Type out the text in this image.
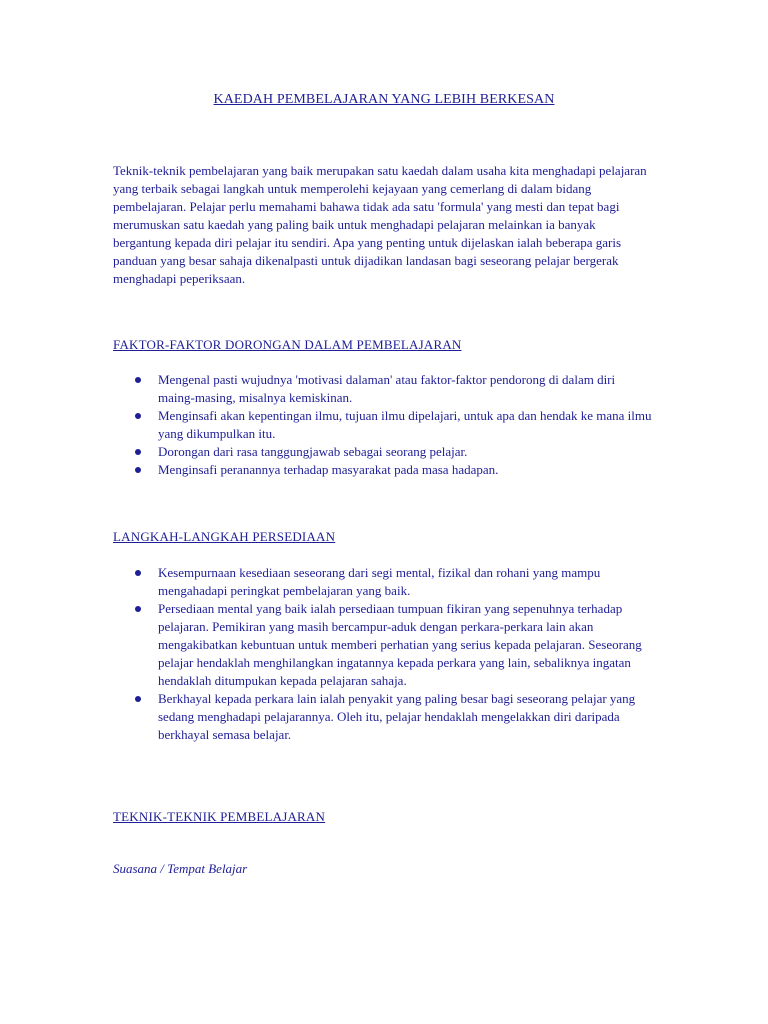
KAEDAH PEMBELAJARAN YANG LEBIH BERKESAN

Teknik-teknik pembelajaran yang baik merupakan satu kaedah dalam usaha kita menghadapi pelajaran yang terbaik sebagai langkah untuk memperolehi kejayaan yang cemerlang di dalam bidang pembelajaran. Pelajar perlu memahami bahawa tidak ada satu 'formula' yang mesti dan tepat bagi merumuskan satu kaedah yang paling baik untuk menghadapi pelajaran melainkan ia banyak bergantung kepada diri pelajar itu sendiri. Apa yang penting untuk dijelaskan ialah beberapa garis panduan yang besar sahaja dikenalpasti untuk dijadikan landasan bagi seseorang pelajar bergerak menghadapi peperiksaan.

FAKTOR-FAKTOR DORONGAN DALAM PEMBELAJARAN
Mengenal pasti wujudnya 'motivasi dalaman' atau faktor-faktor pendorong di dalam diri maing-masing, misalnya kemiskinan.
Menginsafi akan kepentingan ilmu, tujuan ilmu dipelajari, untuk apa dan hendak ke mana ilmu yang dikumpulkan itu.
Dorongan dari rasa tanggungjawab sebagai seorang pelajar.
Menginsafi peranannya terhadap masyarakat pada masa hadapan.
LANGKAH-LANGKAH PERSEDIAAN
Kesempurnaan kesediaan seseorang dari segi mental, fizikal dan rohani yang mampu mengahadapi peringkat pembelajaran yang baik.
Persediaan mental yang baik ialah persediaan tumpuan fikiran yang sepenuhnya terhadap pelajaran. Pemikiran yang masih bercampur-aduk dengan perkara-perkara lain akan mengakibatkan kebuntuan untuk memberi perhatian yang serius kepada pelajaran. Seseorang pelajar hendaklah menghilangkan ingatannya kepada perkara yang lain, sebaliknya ingatan hendaklah ditumpukan kepada pelajaran sahaja.
Berkhayal kepada perkara lain ialah penyakit yang paling besar bagi seseorang pelajar yang sedang menghadapi pelajarannya. Oleh itu, pelajar hendaklah mengelakkan diri daripada berkhayal semasa belajar.
TEKNIK-TEKNIK PEMBELAJARAN

Suasana / Tempat Belajar
